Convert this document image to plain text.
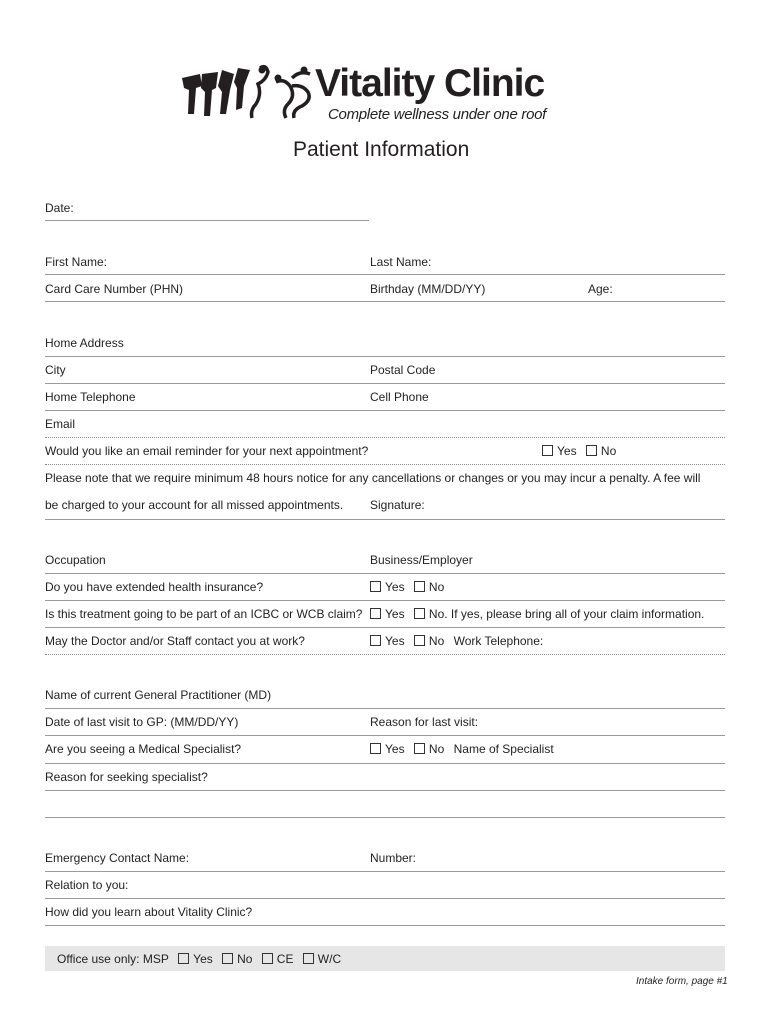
Vitality Clinic
Complete wellness under one roof
Patient Information
Date:
First Name:	Last Name:
Card Care Number (PHN)	Birthday (MM/DD/YY)	Age:
Home Address
City	Postal Code
Home Telephone	Cell Phone
Email
Would you like an email reminder for your next appointment?	Yes No
Please note that we require minimum 48 hours notice for any cancellations or changes or you may incur a penalty. A fee will
be charged to your account for all missed appointments. Signature:
Occupation	Business/Employer
Do you have extended health insurance?	Yes No
Is this treatment going to be part of an ICBC or WCB claim?	Yes No. If yes, please bring all of your claim information.
May the Doctor and/or Staff contact you at work?	Yes No Work Telephone:
Name of current General Practitioner (MD)
Date of last visit to GP: (MM/DD/YY)	Reason for last visit:
Are you seeing a Medical Specialist?	Yes No Name of Specialist
Reason for seeking specialist?
Emergency Contact Name:	Number:
Relation to you:
How did you learn about Vitality Clinic?
Office use only: MSP Yes No CE W/C
Intake form, page #1
